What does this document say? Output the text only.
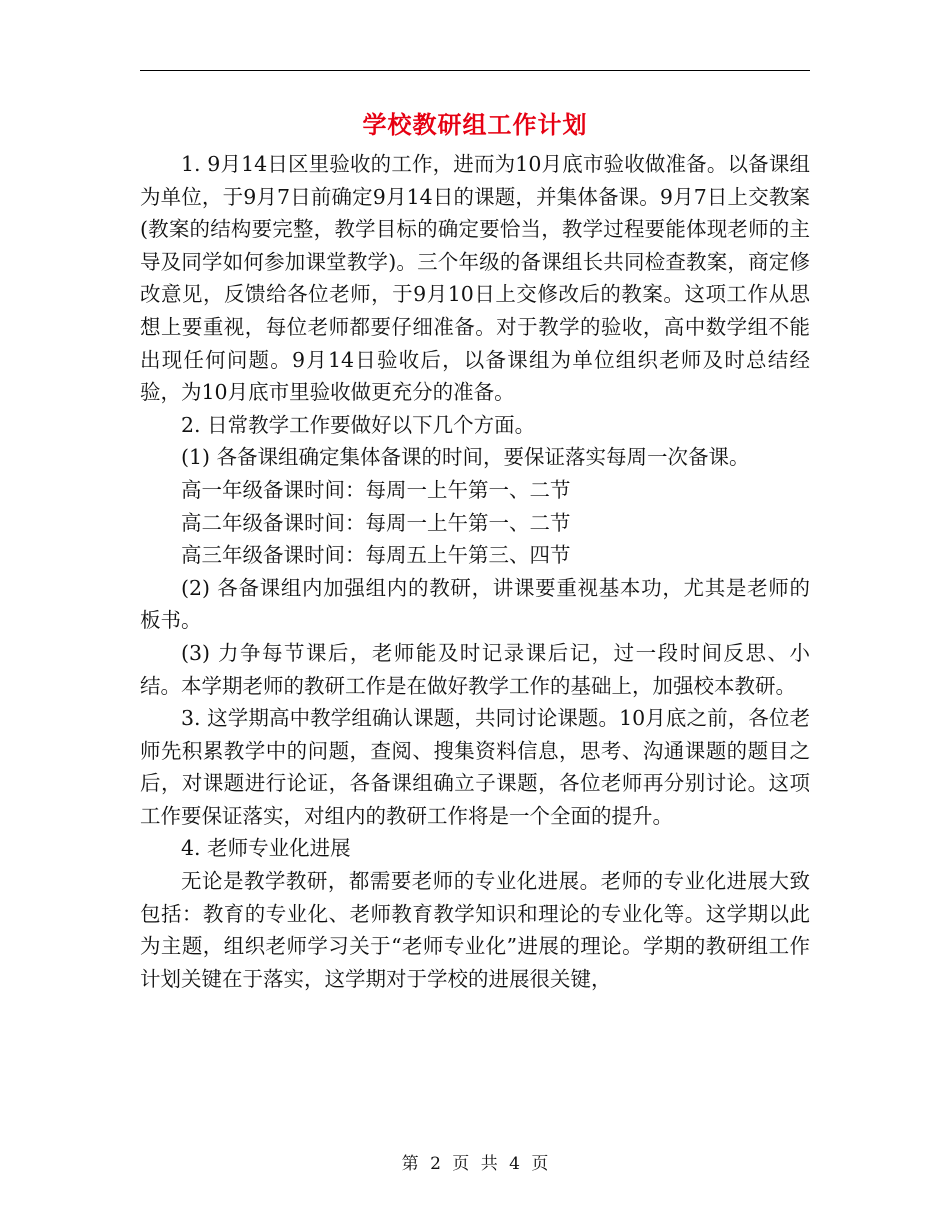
学校教研组工作计划

1. 9月14日区里验收的工作，进而为10月底市验收做准备。以备课组为单位，于9月7日前确定9月14日的课题，并集体备课。9月7日上交教案(教案的结构要完整，教学目标的确定要恰当，教学过程要能体现老师的主导及同学如何参加课堂教学)。三个年级的备课组长共同检查教案，商定修改意见，反馈给各位老师，于9月10日上交修改后的教案。这项工作从思想上要重视，每位老师都要仔细准备。对于教学的验收，高中数学组不能出现任何问题。9月14日验收后，以备课组为单位组织老师及时总结经验，为10月底市里验收做更充分的准备。

2. 日常教学工作要做好以下几个方面。

(1) 各备课组确定集体备课的时间，要保证落实每周一次备课。

高一年级备课时间：每周一上午第一、二节

高二年级备课时间：每周一上午第一、二节

高三年级备课时间：每周五上午第三、四节

(2) 各备课组内加强组内的教研，讲课要重视基本功，尤其是老师的板书。

(3) 力争每节课后，老师能及时记录课后记，过一段时间反思、小结。本学期老师的教研工作是在做好教学工作的基础上，加强校本教研。

3. 这学期高中教学组确认课题，共同讨论课题。10月底之前，各位老师先积累教学中的问题，查阅、搜集资料信息，思考、沟通课题的题目之后，对课题进行论证，各备课组确立子课题，各位老师再分别讨论。这项工作要保证落实，对组内的教研工作将是一个全面的提升。

4. 老师专业化进展

无论是教学教研，都需要老师的专业化进展。老师的专业化进展大致包括：教育的专业化、老师教育教学知识和理论的专业化等。这学期以此为主题，组织老师学习关于“老师专业化”进展的理论。学期的教研组工作计划关键在于落实，这学期对于学校的进展很关键，

第 2 页 共 4 页
